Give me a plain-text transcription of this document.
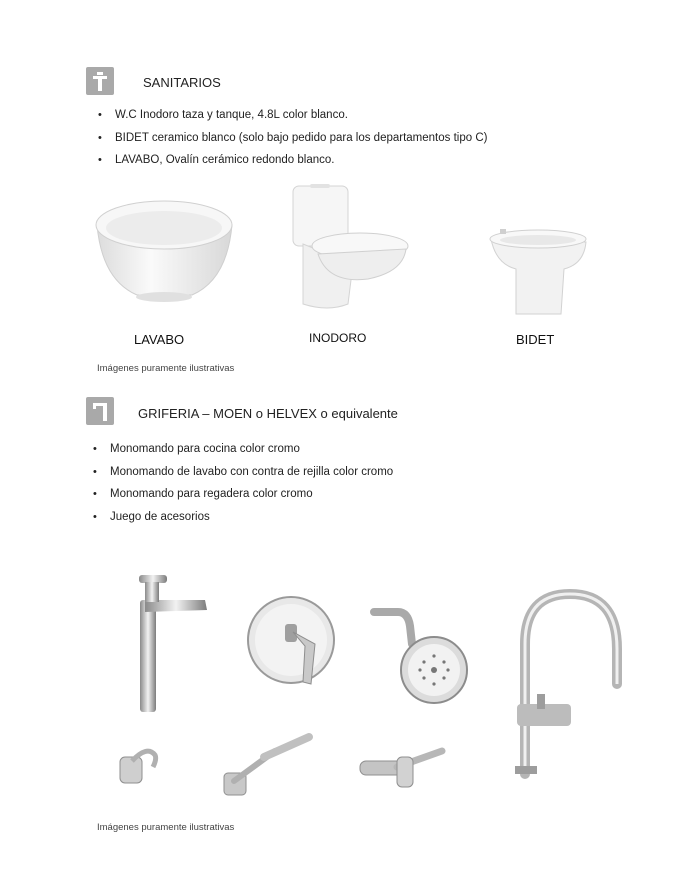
SANITARIOS
• W.C Inodoro taza y tanque, 4.8L color blanco.
• BIDET ceramico blanco (solo bajo pedido para los departamentos tipo C)
• LAVABO, Ovalín cerámico redondo blanco.
LAVABO	INODORO	BIDET
Imágenes puramente ilustrativas
GRIFERIA – MOEN o HELVEX o equivalente
• Monomando para cocina color cromo
• Monomando de lavabo con contra de rejilla color cromo
• Monomando para regadera color cromo
• Juego de acesorios
Imágenes puramente ilustrativas
